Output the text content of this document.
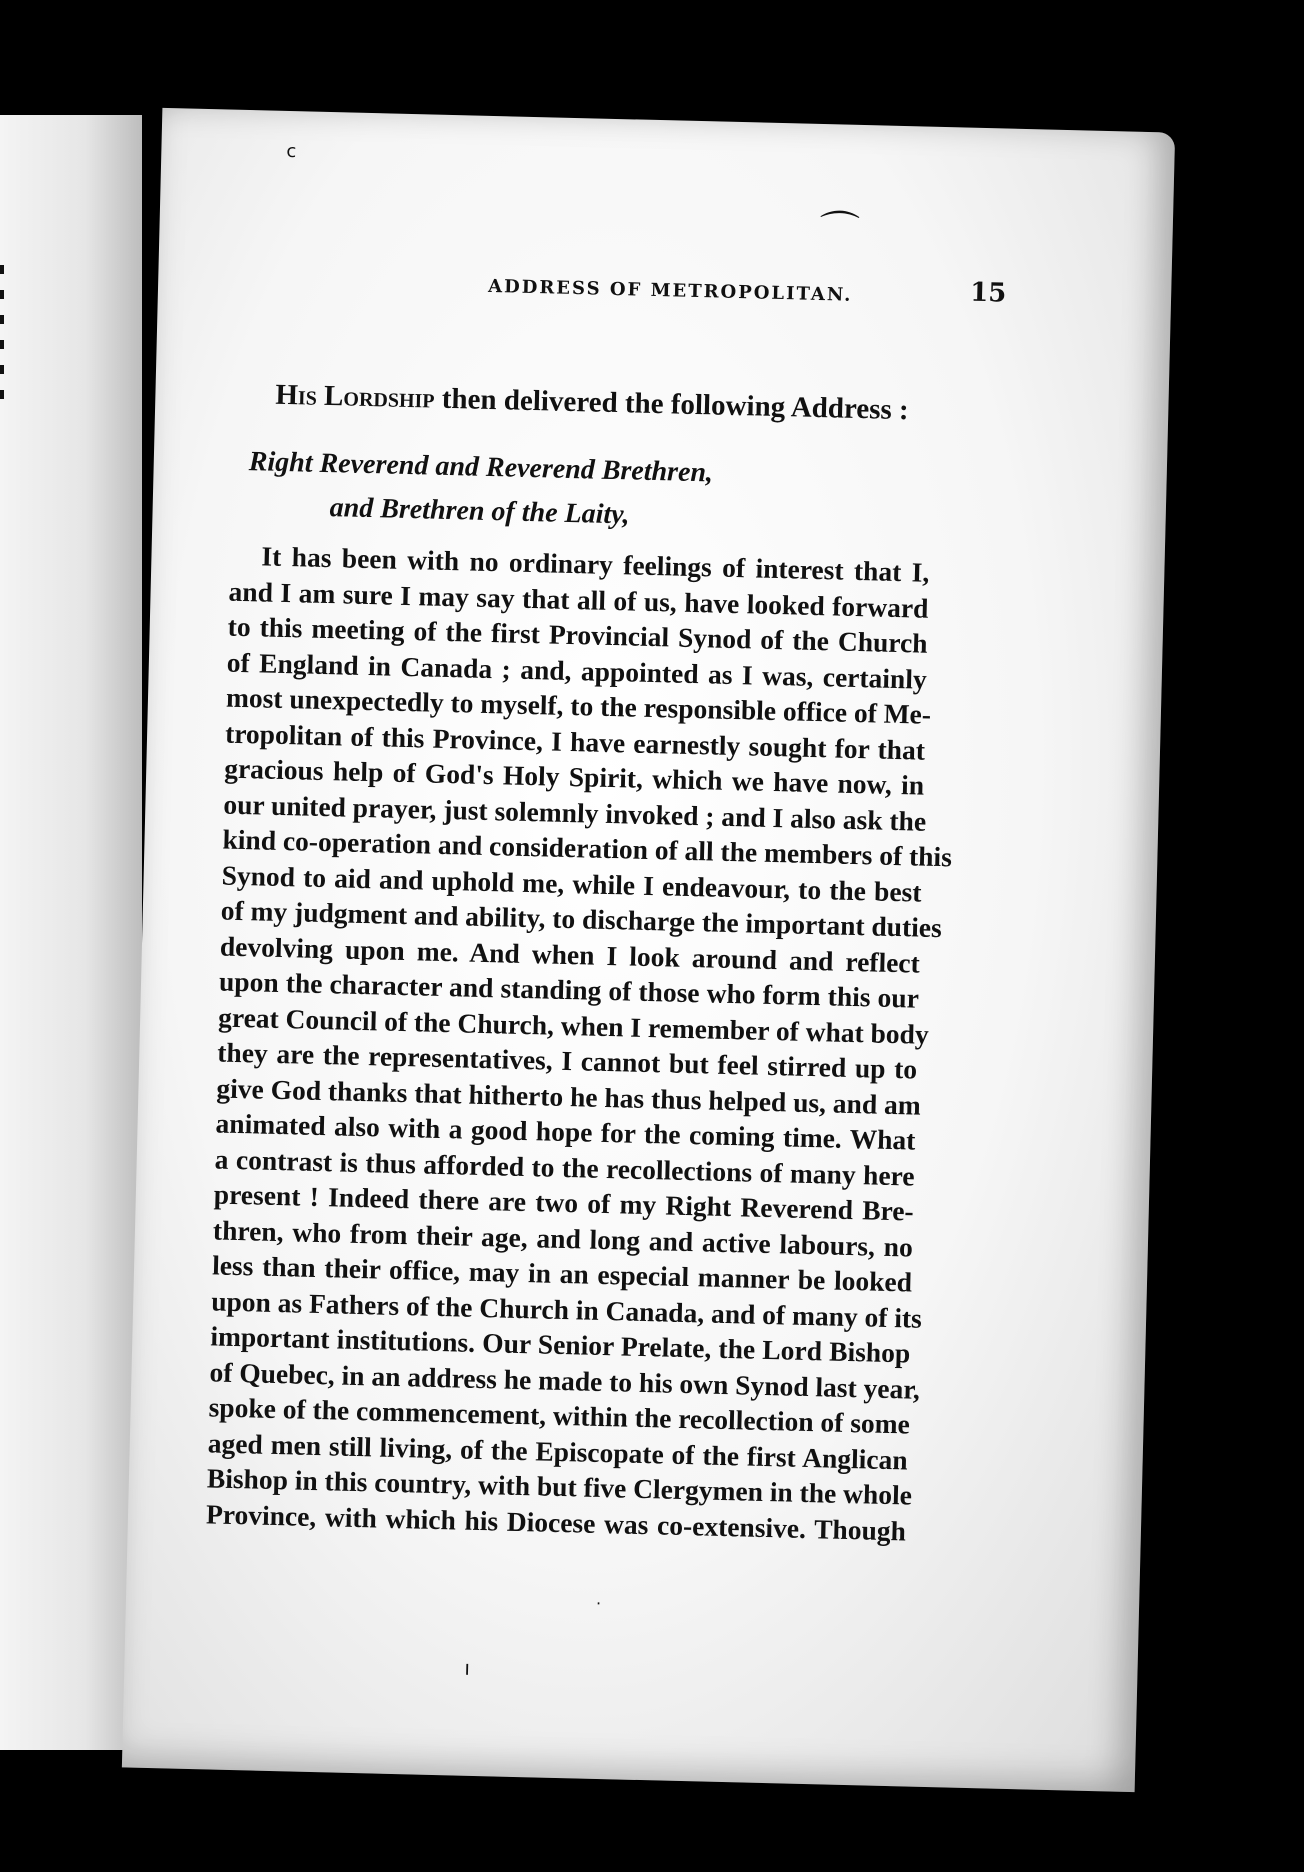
ADDRESS OF METROPOLITAN.	15
c
⌒
His Lordship then delivered the following Address :
Right Reverend and Reverend Brethren,
and Brethren of the Laity,
It has been with no ordinary feelings of interest that I,
and I am sure I may say that all of us, have looked forward
to this meeting of the first Provincial Synod of the Church
of England in Canada ; and, appointed as I was, certainly
most unexpectedly to myself, to the responsible office of Me-
tropolitan of this Province, I have earnestly sought for that
gracious help of God's Holy Spirit, which we have now, in
our united prayer, just solemnly invoked ; and I also ask the
kind co-operation and consideration of all the members of this
Synod to aid and uphold me, while I endeavour, to the best
of my judgment and ability, to discharge the important duties
devolving upon me. And when I look around and reflect
upon the character and standing of those who form this our
great Council of the Church, when I remember of what body
they are the representatives, I cannot but feel stirred up to
give God thanks that hitherto he has thus helped us, and am
animated also with a good hope for the coming time. What
a contrast is thus afforded to the recollections of many here
present ! Indeed there are two of my Right Reverend Bre-
thren, who from their age, and long and active labours, no
less than their office, may in an especial manner be looked
upon as Fathers of the Church in Canada, and of many of its
important institutions. Our Senior Prelate, the Lord Bishop
of Quebec, in an address he made to his own Synod last year,
spoke of the commencement, within the recollection of some
aged men still living, of the Episcopate of the first Anglican
Bishop in this country, with but five Clergymen in the whole
Province, with which his Diocese was co-extensive. Though
·
ı
